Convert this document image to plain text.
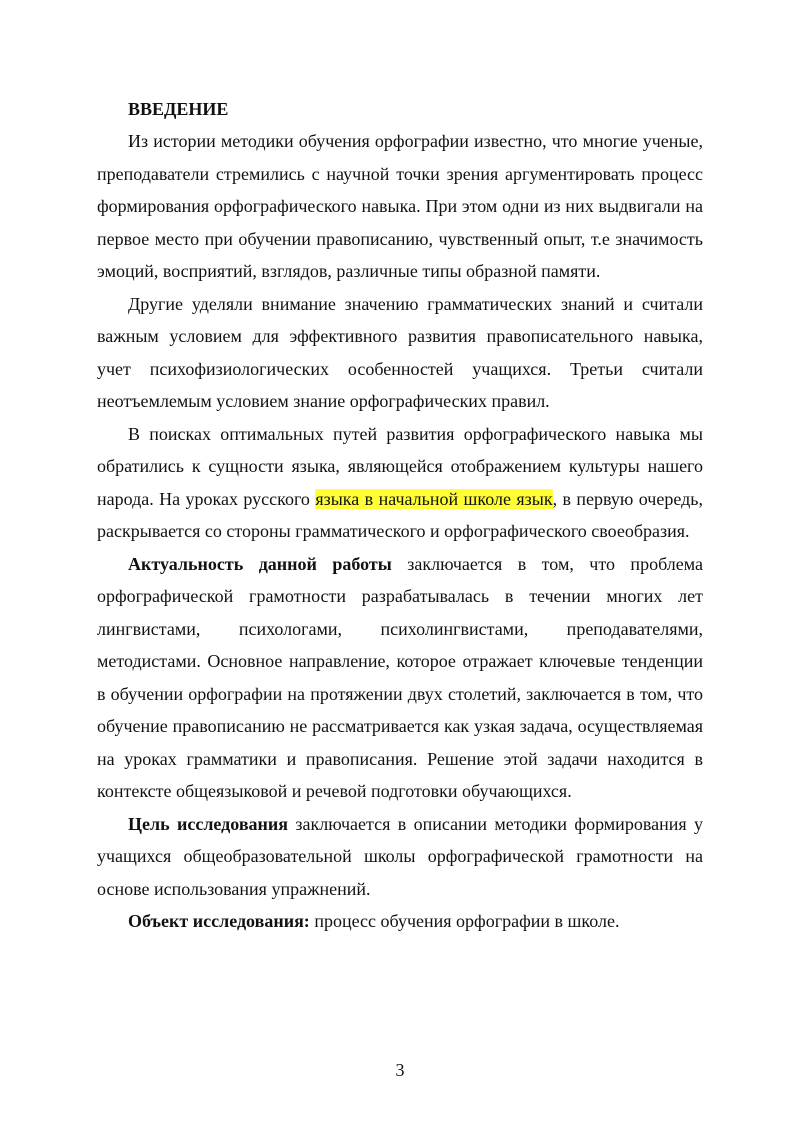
ВВЕДЕНИЕ

Из истории методики обучения орфографии известно, что многие ученые, преподаватели стремились с научной точки зрения аргументировать процесс формирования орфографического навыка. При этом одни из них выдвигали на первое место при обучении правописанию, чувственный опыт, т.е значимость эмоций, восприятий, взглядов, различные типы образной памяти.

Другие уделяли внимание значению грамматических знаний и считали важным условием для эффективного развития правописательного навыка, учет психофизиологических особенностей учащихся. Третьи считали неотъемлемым условием знание орфографических правил.

В поисках оптимальных путей развития орфографического навыка мы обратились к сущности языка, являющейся отображением культуры нашего народа. На уроках русского языка в начальной школе язык, в первую очередь, раскрывается со стороны грамматического и орфографического своеобразия.

Актуальность данной работы заключается в том, что проблема орфографической грамотности разрабатывалась в течении многих лет лингвистами, психологами, психолингвистами, преподавателями, методистами. Основное направление, которое отражает ключевые тенденции в обучении орфографии на протяжении двух столетий, заключается в том, что обучение правописанию не рассматривается как узкая задача, осуществляемая на уроках грамматики и правописания. Решение этой задачи находится в контексте общеязыковой и речевой подготовки обучающихся.

Цель исследования заключается в описании методики формирования у учащихся общеобразовательной школы орфографической грамотности на основе использования упражнений.

Объект исследования: процесс обучения орфографии в школе.

3
